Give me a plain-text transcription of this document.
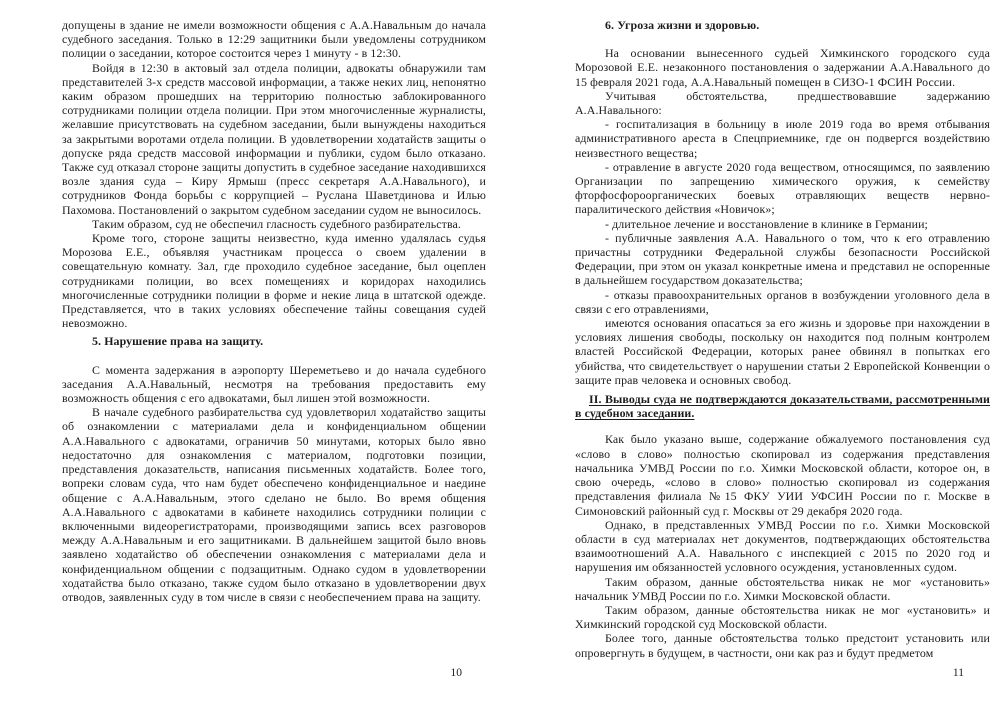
допущены в здание не имели возможности общения с А.А.Навальным до начала судебного заседания. Только в 12:29 защитники были уведомлены сотрудником полиции о заседании, которое состоится через 1 минуту - в 12:30.

Войдя в 12:30 в актовый зал отдела полиции, адвокаты обнаружили там представителей 3-х средств массовой информации, а также неких лиц, непонятно каким образом прошедших на территорию полностью заблокированного сотрудниками полиции отдела полиции. При этом многочисленные журналисты, желавшие присутствовать на судебном заседании, были вынуждены находиться за закрытыми воротами отдела полиции. В удовлетворении ходатайств защиты о допуске ряда средств массовой информации и публики, судом было отказано. Также суд отказал стороне защиты допустить в судебное заседание находившихся возле здания суда – Киру Ярмыш (пресс секретаря А.А.Навального), и сотрудников Фонда борьбы с коррупцией – Руслана Шаветдинова и Илью Пахомова. Постановлений о закрытом судебном заседании судом не выносилось.

Таким образом, суд не обеспечил гласность судебного разбирательства.

Кроме того, стороне защиты неизвестно, куда именно удалялась судья Морозова Е.Е., объявляя участникам процесса о своем удалении в совещательную комнату. Зал, где проходило судебное заседание, был оцеплен сотрудниками полиции, во всех помещениях и коридорах находились многочисленные сотрудники полиции в форме и некие лица в штатской одежде. Представляется, что в таких условиях обеспечение тайны совещания судей невозможно.

5. Нарушение права на защиту.

С момента задержания в аэропорту Шереметьево и до начала судебного заседания А.А.Навальный, несмотря на требования предоставить ему возможность общения с его адвокатами, был лишен этой возможности.

В начале судебного разбирательства суд удовлетворил ходатайство защиты об ознакомлении с материалами дела и конфиденциальном общении А.А.Навального с адвокатами, ограничив 50 минутами, которых было явно недостаточно для ознакомления с материалом, подготовки позиции, представления доказательств, написания письменных ходатайств. Более того, вопреки словам суда, что нам будет обеспечено конфиденциальное и наедине общение с А.А.Навальным, этого сделано не было. Во время общения А.А.Навального с адвокатами в кабинете находились сотрудники полиции с включенными видеорегистраторами, производящими запись всех разговоров между А.А.Навальным и его защитниками. В дальнейшем защитой было вновь заявлено ходатайство об обеспечении ознакомления с материалами дела и конфиденциальном общении с подзащитным. Однако судом в удовлетворении ходатайства было отказано, также судом было отказано в удовлетворении двух отводов, заявленных суду в том числе в связи с необеспечением права на защиту.

6. Угроза жизни и здоровью.

На основании вынесенного судьей Химкинского городского суда Морозовой Е.Е. незаконного постановления о задержании А.А.Навального до 15 февраля 2021 года, А.А.Навальный помещен в СИЗО-1 ФСИН России.

Учитывая обстоятельства, предшествовавшие задержанию А.А.Навального:

- госпитализация в больницу в июле 2019 года во время отбывания административного ареста в Спецприемнике, где он подвергся воздействию неизвестного вещества;

- отравление в августе 2020 года веществом, относящимся, по заявлению Организации по запрещению химического оружия, к семейству фторфосфороорганических боевых отравляющих веществ нервно-паралитического действия «Новичок»;

- длительное лечение и восстановление в клинике в Германии;

- публичные заявления А.А. Навального о том, что к его отравлению причастны сотрудники Федеральной службы безопасности Российской Федерации, при этом он указал конкретные имена и представил не оспоренные в дальнейшем государством доказательства;

- отказы правоохранительных органов в возбуждении уголовного дела в связи с его отравлениями,

имеются основания опасаться за его жизнь и здоровье при нахождении в условиях лишения свободы, поскольку он находится под полным контролем властей Российской Федерации, которых ранее обвинял в попытках его убийства, что свидетельствует о нарушении статьи 2 Европейской Конвенции о защите прав человека и основных свобод.

II. Выводы суда не подтверждаются доказательствами, рассмотренными в судебном заседании.

Как было указано выше, содержание обжалуемого постановления суд «слово в слово» полностью скопировал из содержания представления начальника УМВД России по г.о. Химки Московской области, которое он, в свою очередь, «слово в слово» полностью скопировал из содержания представления филиала №15 ФКУ УИИ УФСИН России по г. Москве в Симоновский районный суд г. Москвы от 29 декабря 2020 года.

Однако, в представленных УМВД России по г.о. Химки Московской области в суд материалах нет документов, подтверждающих обстоятельства взаимоотношений А.А. Навального с инспекцией с 2015 по 2020 год и нарушения им обязанностей условного осуждения, установленных судом.

Таким образом, данные обстоятельства никак не мог «установить» начальник УМВД России по г.о. Химки Московской области.

Таким образом, данные обстоятельства никак не мог «установить» и Химкинский городской суд Московской области.

Более того, данные обстоятельства только предстоит установить или опровергнуть в будущем, в частности, они как раз и будут предметом

10	11
